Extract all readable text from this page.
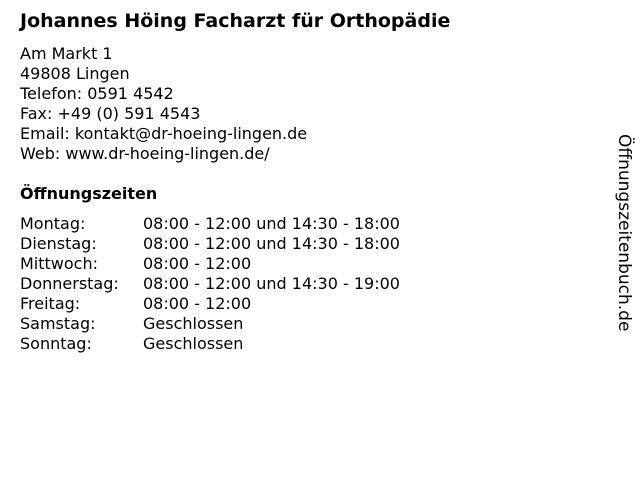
Johannes Höing Facharzt für Orthopädie
Am Markt 1
49808 Lingen
Telefon: 0591 4542
Fax: +49 (0) 591 4543
Email: kontakt@dr-hoeing-lingen.de
Web: www.dr-hoeing-lingen.de/
Öffnungszeiten
Montag:	08:00 - 12:00 und 14:30 - 18:00
Dienstag:	08:00 - 12:00 und 14:30 - 18:00
Mittwoch:	08:00 - 12:00
Donnerstag: 08:00 - 12:00 und 14:30 - 19:00
Freitag:	08:00 - 12:00
Samstag:	Geschlossen
Sonntag:	Geschlossen
Öffnungszeitenbuch.de
